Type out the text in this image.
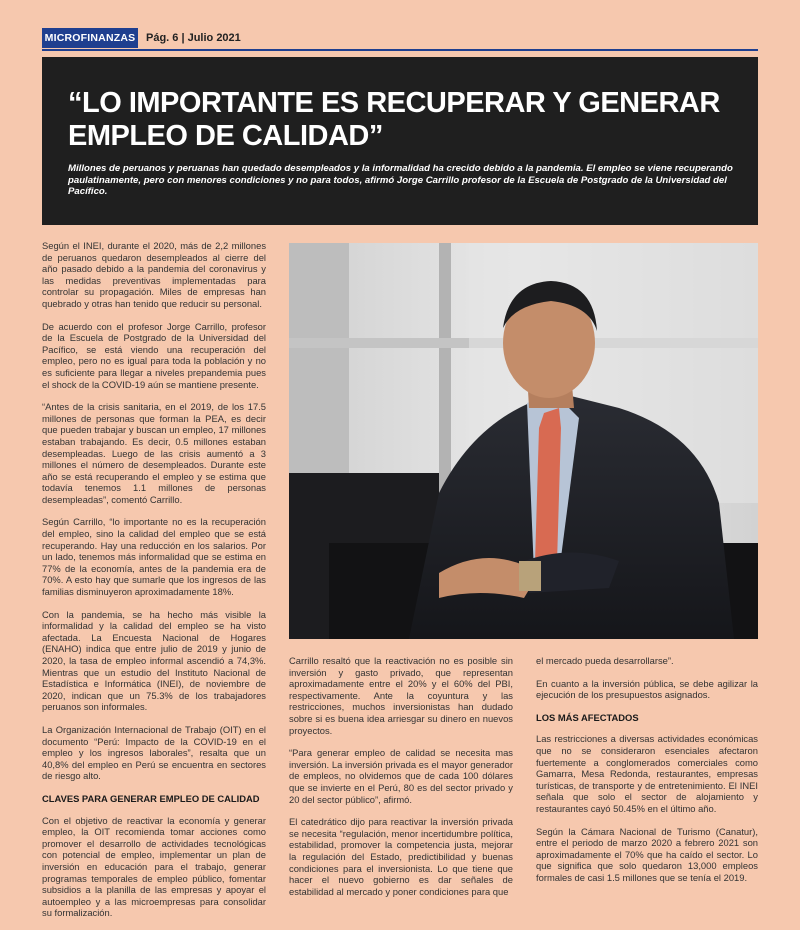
MICROFINANZAS Pág. 6 | Julio 2021
“LO IMPORTANTE ES RECUPERAR Y GENERAR EMPLEO DE CALIDAD”
Millones de peruanos y peruanas han quedado desempleados y la informalidad ha crecido debido a la pandemia. El empleo se viene recuperando paulatinamente, pero con menores condiciones y no para todos, afirmó Jorge Carrillo profesor de la Escuela de Postgrado de la Universidad del Pacífico.

Según el INEI, durante el 2020, más de 2,2 millones de peruanos quedaron desempleados al cierre del año pasado debido a la pandemia del coronavirus y las medidas preventivas implementadas para controlar su propagación. Miles de empresas han quebrado y otras han tenido que reducir su personal.

De acuerdo con el profesor Jorge Carrillo, profesor de la Escuela de Postgrado de la Universidad del Pacífico, se está viendo una recuperación del empleo, pero no es igual para toda la población y no es suficiente para llegar a niveles prepandemia pues el shock de la COVID-19 aún se mantiene presente.

“Antes de la crisis sanitaria, en el 2019, de los 17.5 millones de personas que forman la PEA, es decir que pueden trabajar y buscan un empleo, 17 millones estaban trabajando. Es decir, 0.5 millones estaban desempleadas. Luego de las crisis aumentó a 3 millones el número de desempleados. Durante este año se está recuperando el empleo y se estima que todavía tenemos 1.1 millones de personas desempleadas”, comentó Carrillo.

Según Carrillo, “lo importante no es la recuperación del empleo, sino la calidad del empleo que se está recuperando. Hay una reducción en los salarios. Por un lado, tenemos más informalidad que se estima en 77% de la economía, antes de la pandemia era de 70%. A esto hay que sumarle que los ingresos de las familias disminuyeron aproximadamente 18%.

Con la pandemia, se ha hecho más visible la informalidad y la calidad del empleo se ha visto afectada. La Encuesta Nacional de Hogares (ENAHO) indica que entre julio de 2019 y junio de 2020, la tasa de empleo informal ascendió a 74,3%. Mientras que un estudio del Instituto Nacional de Estadística e Informática (INEI), de noviembre de 2020, indican que un 75.3% de los trabajadores peruanos son informales.

La Organización Internacional de Trabajo (OIT) en el documento “Perú: Impacto de la COVID-19 en el empleo y los ingresos laborales”, resalta que un 40,8% del empleo en Perú se encuentra en sectores de riesgo alto.

CLAVES PARA GENERAR EMPLEO DE CALIDAD

Con el objetivo de reactivar la economía y generar empleo, la OIT recomienda tomar acciones como promover el desarrollo de actividades tecnológicas con potencial de empleo, implementar un plan de inversión en educación para el trabajo, generar programas temporales de empleo público, fomentar subsidios a la planilla de las empresas y apoyar el autoempleo y a las microempresas para consolidar su formalización.

Carrillo resaltó que la reactivación no es posible sin inversión y gasto privado, que representan aproximadamente entre el 20% y el 60% del PBI, respectivamente. Ante la coyuntura y las restricciones, muchos inversionistas han dudado sobre si es buena idea arriesgar su dinero en nuevos proyectos.

“Para generar empleo de calidad se necesita mas inversión. La inversión privada es el mayor generador de empleos, no olvidemos que de cada 100 dólares que se invierte en el Perú, 80 es del sector privado y 20 del sector público”, afirmó.

El catedrático dijo para reactivar la inversión privada se necesita “regulación, menor incertidumbre política, estabilidad, promover la competencia justa, mejorar la regulación del Estado, predictibilidad y buenas condiciones para el inversionista. Lo que tiene que hacer el nuevo gobierno es dar señales de estabilidad al mercado y poner condiciones para que

el mercado pueda desarrollarse”.

En cuanto a la inversión pública, se debe agilizar la ejecución de los presupuestos asignados.

LOS MÁS AFECTADOS

Las restricciones a diversas actividades económicas que no se consideraron esenciales afectaron fuertemente a conglomerados comerciales como Gamarra, Mesa Redonda, restaurantes, empresas turísticas, de transporte y de entretenimiento. El INEI señala que solo el sector de alojamiento y restaurantes cayó 50.45% en el último año.

Según la Cámara Nacional de Turismo (Canatur), entre el periodo de marzo 2020 a febrero 2021 son aproximadamente el 70% que ha caído el sector. Lo que significa que solo quedaron 13,000 empleos formales de casi 1.5 millones que se tenía el 2019.
